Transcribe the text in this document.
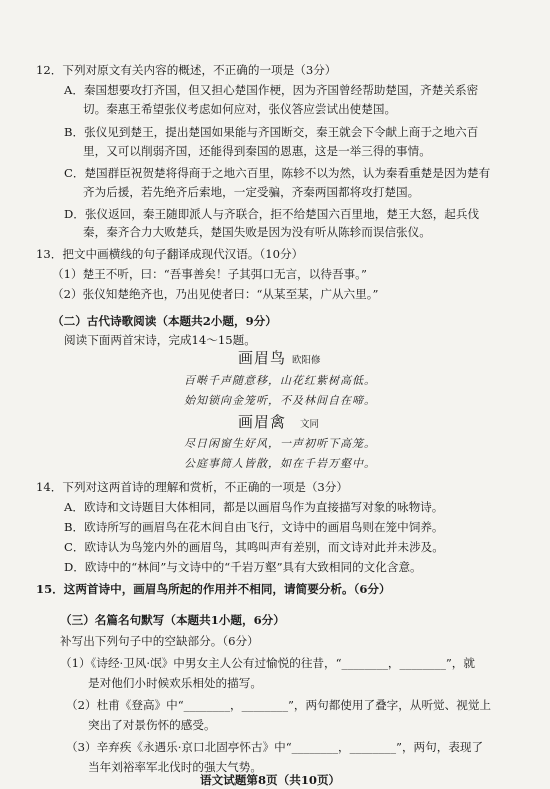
12．下列对原文有关内容的概述，不正确的一项是（3分）
A．秦国想要攻打齐国，但又担心楚国作梗，因为齐国曾经帮助楚国，齐楚关系密
切。秦惠王希望张仪考虑如何应对，张仪答应尝试出使楚国。
B．张仪见到楚王，提出楚国如果能与齐国断交，秦王就会下令献上商于之地六百
里，又可以削弱齐国，还能得到秦国的恩惠，这是一举三得的事情。
C．楚国群臣祝贺楚将得商于之地六百里，陈轸不以为然，认为秦看重楚是因为楚有
齐为后援，若先绝齐后索地，一定受骗，齐秦两国都将攻打楚国。
D．张仪返回，秦王随即派人与齐联合，拒不给楚国六百里地，楚王大怒，起兵伐
秦，秦齐合力大败楚兵，楚国失败是因为没有听从陈轸而误信张仪。
13．把文中画横线的句子翻译成现代汉语。（10分）
（1）楚王不听，曰：“吾事善矣！子其弭口无言，以待吾事。”
（2）张仪知楚绝齐也，乃出见使者曰：“从某至某，广从六里。”
（二）古代诗歌阅读（本题共2小题，9分）
阅读下面两首宋诗，完成14～15题。
画眉鸟 欧阳修
百啭千声随意移，山花红紫树高低。
始知锁向金笼听，不及林间自在啼。
画眉禽 文同
尽日闲窗生好风，一声初听下高笼。
公庭事简人皆散，如在千岩万壑中。
14．下列对这两首诗的理解和赏析，不正确的一项是（3分）
A．欧诗和文诗题目大体相同，都是以画眉鸟作为直接描写对象的咏物诗。
B．欧诗所写的画眉鸟在花木间自由飞行，文诗中的画眉鸟则在笼中饲养。
C．欧诗认为鸟笼内外的画眉鸟，其鸣叫声有差别，而文诗对此并未涉及。
D．欧诗中的“林间”与文诗中的“千岩万壑”具有大致相同的文化含意。
15．这两首诗中，画眉鸟所起的作用并不相同，请简要分析。（6分）
（三）名篇名句默写（本题共1小题，6分）
补写出下列句子中的空缺部分。（6分）
（1）《诗经·卫风·氓》中男女主人公有过愉悦的往昔，“________，________”，就
是对他们小时候欢乐相处的描写。
（2）杜甫《登高》中“________，________”，两句都使用了叠字，从听觉、视觉上
突出了对景伤怀的感受。
（3）辛弃疾《永遇乐·京口北固亭怀古》中“________，________”，两句，表现了
当年刘裕率军北伐时的强大气势。
语文试题第8页（共10页）
